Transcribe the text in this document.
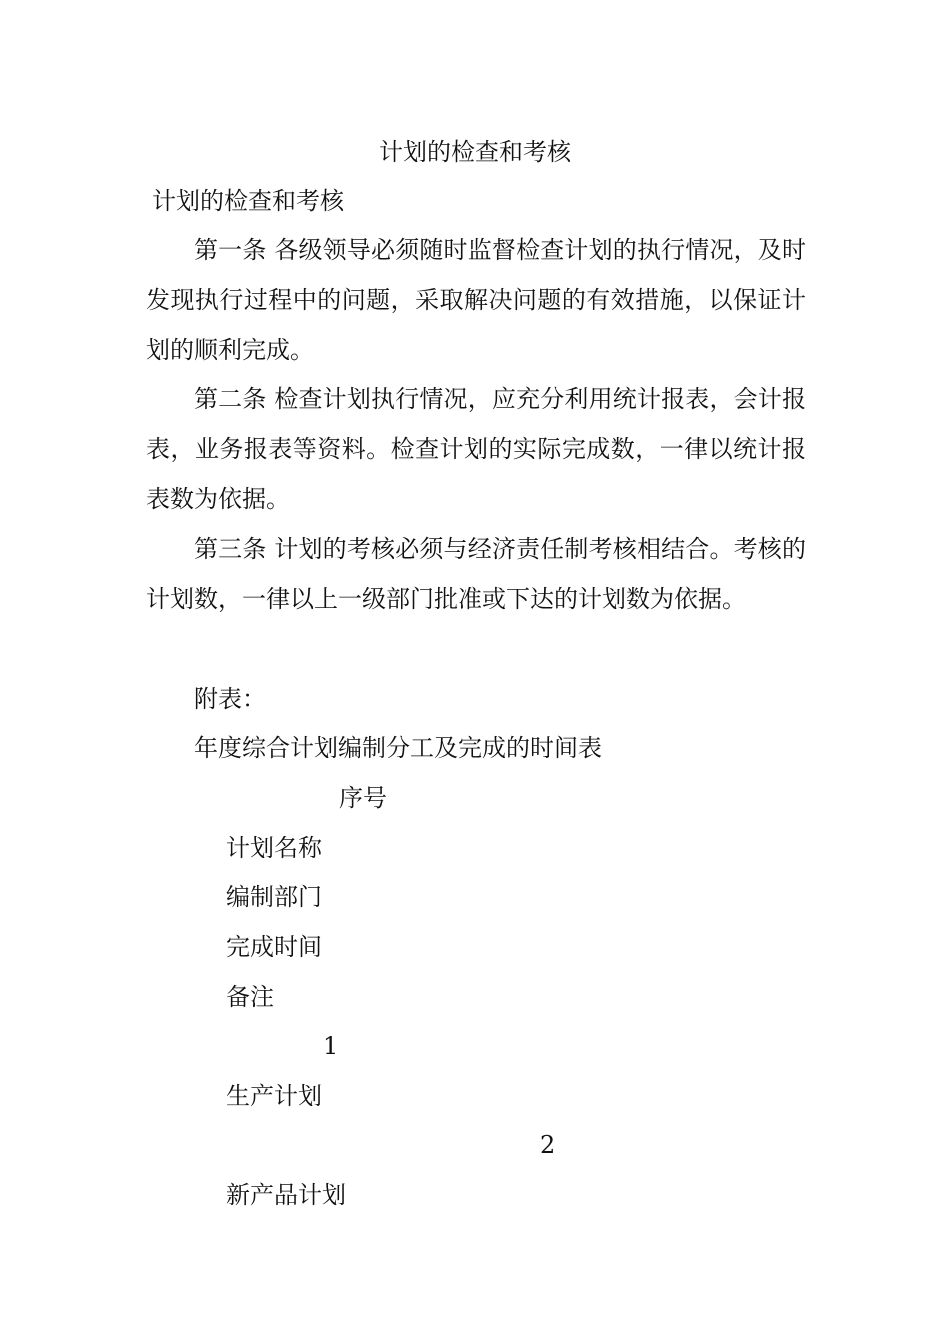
计划的检查和考核
计划的检查和考核

第一条 各级领导必须随时监督检查计划的执行情况，及时发现执行过程中的问题，采取解决问题的有效措施，以保证计划的顺利完成。

第二条 检查计划执行情况，应充分利用统计报表，会计报表，业务报表等资料。检查计划的实际完成数，一律以统计报表数为依据。

第三条 计划的考核必须与经济责任制考核相结合。考核的计划数，一律以上一级部门批准或下达的计划数为依据。

附表：
年度综合计划编制分工及完成的时间表
序号
计划名称
编制部门
完成时间
备注
1
生产计划
2
新产品计划
